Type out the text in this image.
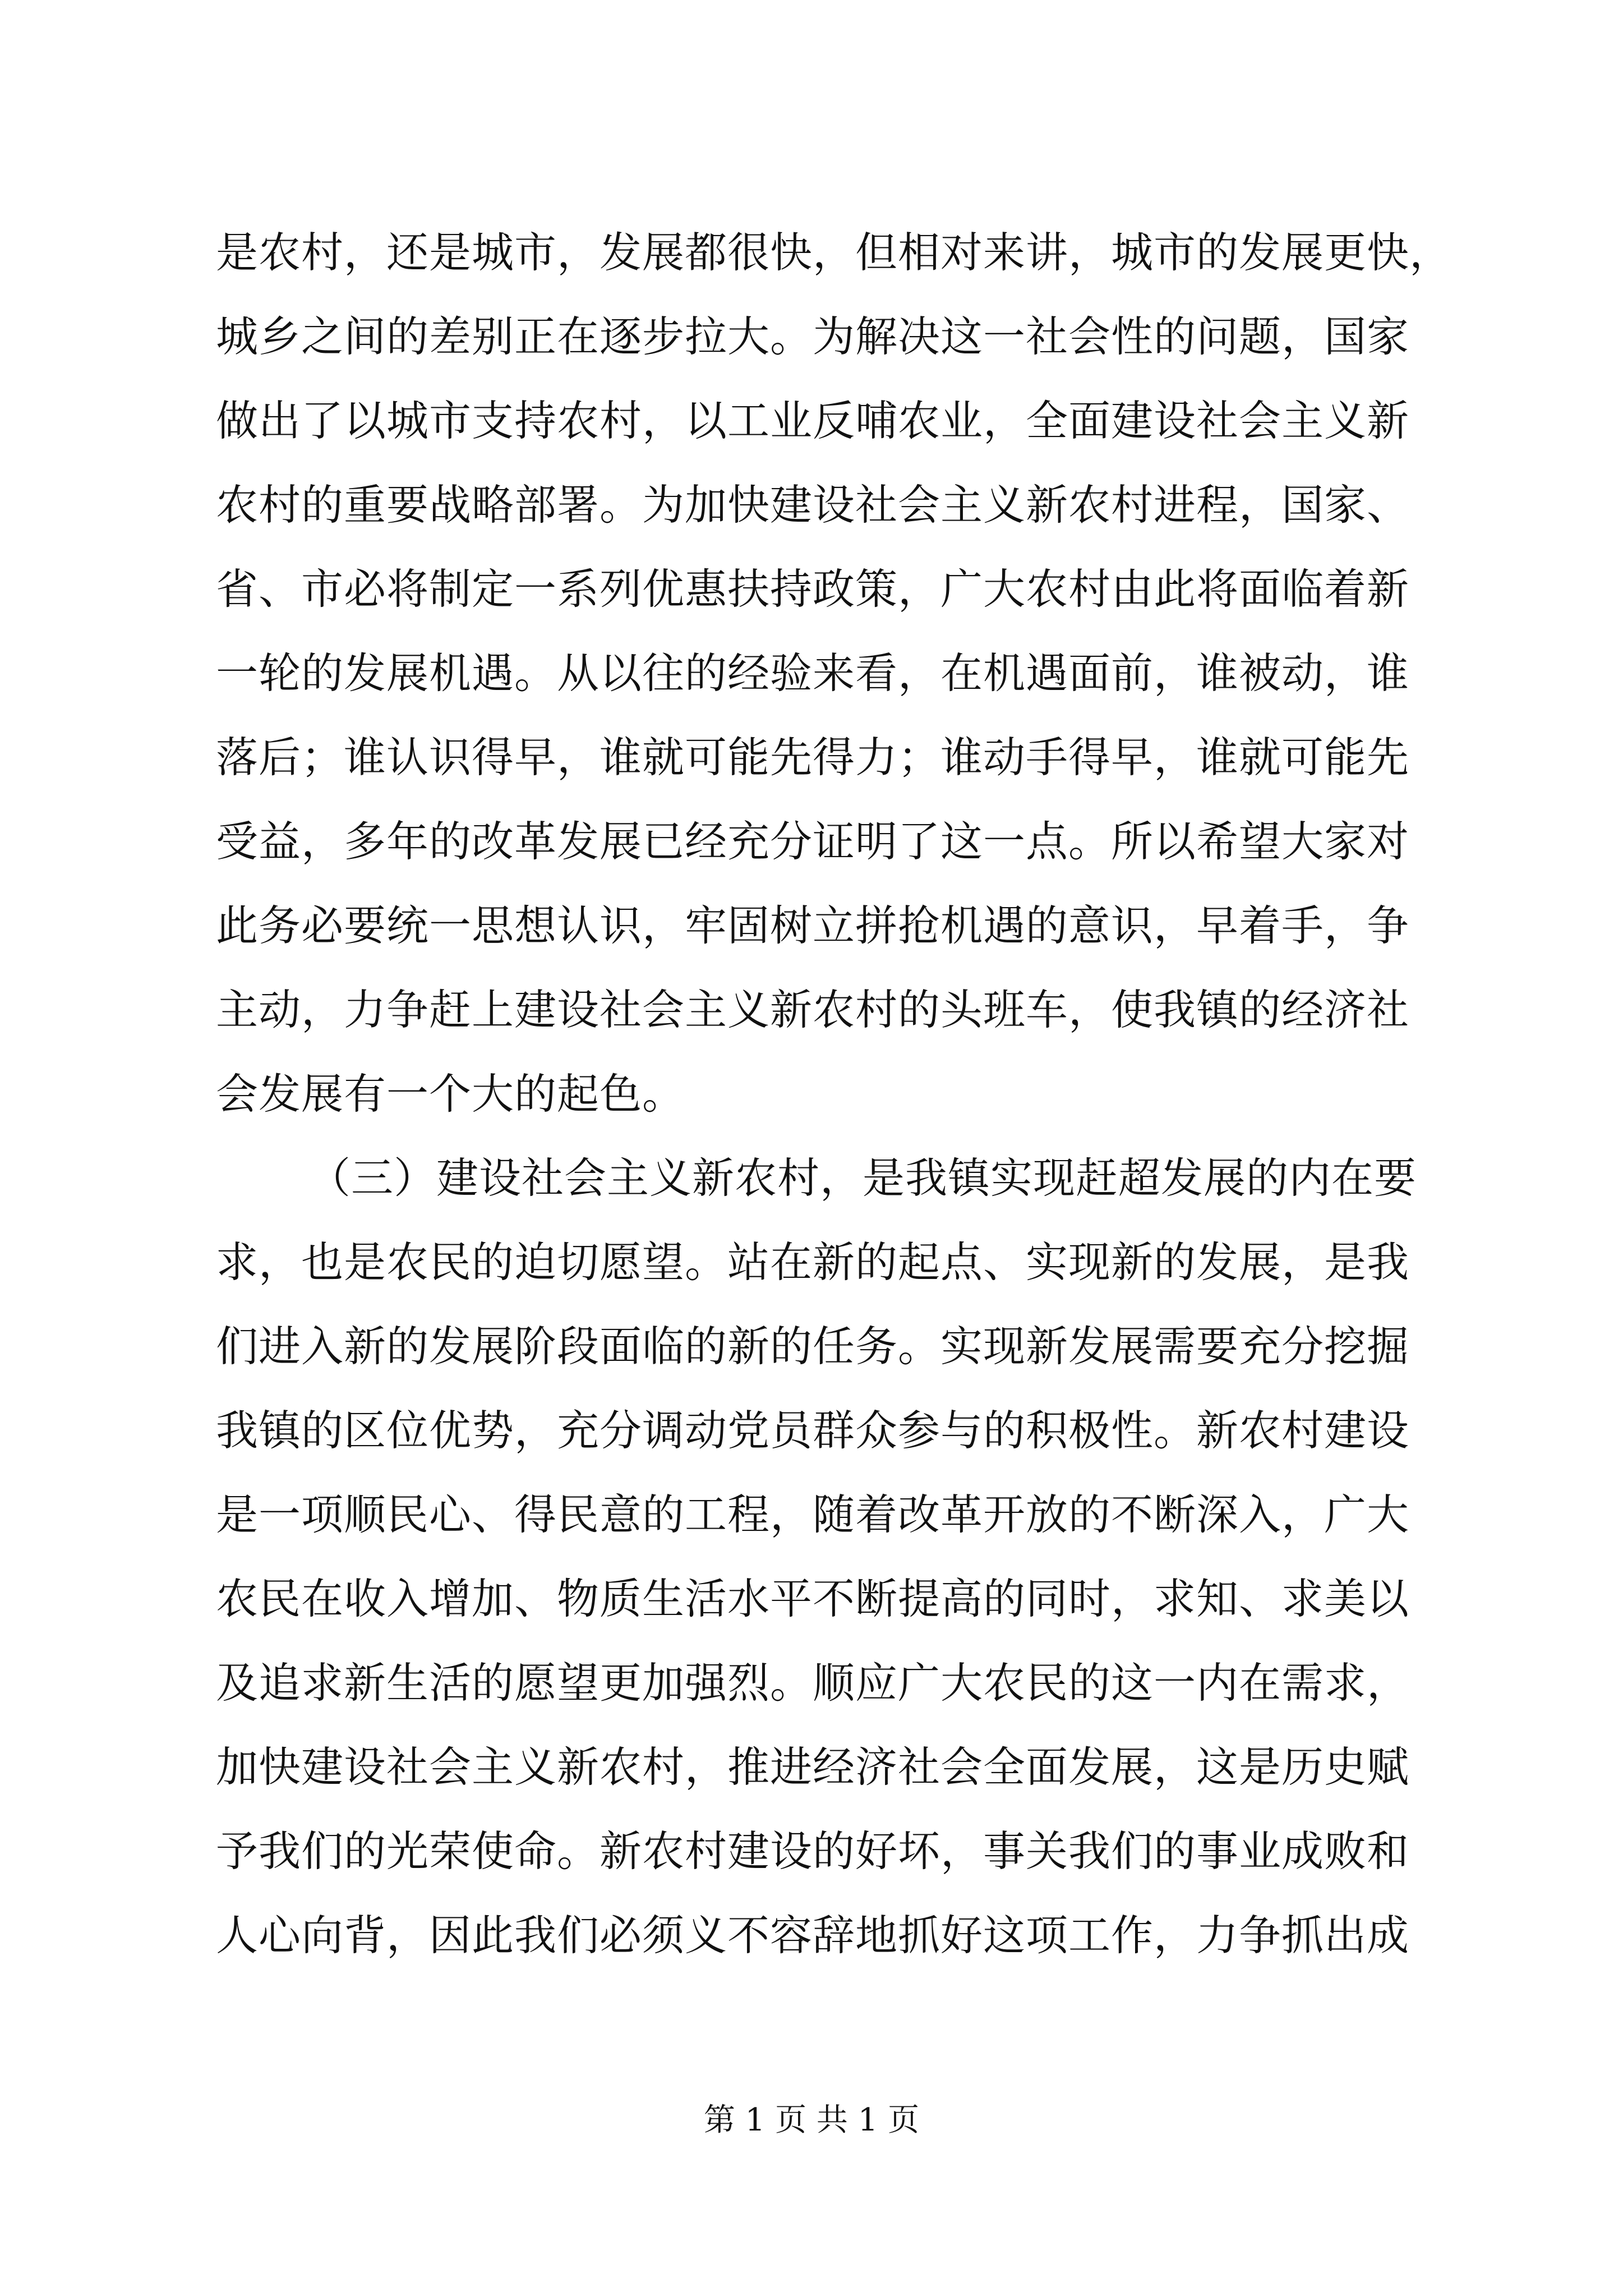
是农村，还是城市，发展都很快，但相对来讲，城市的发展更快，
城乡之间的差别正在逐步拉大。为解决这一社会性的问题，国家
做出了以城市支持农村，以工业反哺农业，全面建设社会主义新
农村的重要战略部署。为加快建设社会主义新农村进程，国家、
省、市必将制定一系列优惠扶持政策，广大农村由此将面临着新
一轮的发展机遇。从以往的经验来看，在机遇面前，谁被动，谁
落后；谁认识得早，谁就可能先得力；谁动手得早，谁就可能先
受益，多年的改革发展已经充分证明了这一点。所以希望大家对
此务必要统一思想认识，牢固树立拼抢机遇的意识，早着手，争
主动，力争赶上建设社会主义新农村的头班车，使我镇的经济社
会发展有一个大的起色。
（三）建设社会主义新农村，是我镇实现赶超发展的内在要
求，也是农民的迫切愿望。站在新的起点、实现新的发展，是我
们进入新的发展阶段面临的新的任务。实现新发展需要充分挖掘
我镇的区位优势，充分调动党员群众参与的积极性。新农村建设
是一项顺民心、得民意的工程，随着改革开放的不断深入，广大
农民在收入增加、物质生活水平不断提高的同时，求知、求美以
及追求新生活的愿望更加强烈。顺应广大农民的这一内在需求，
加快建设社会主义新农村，推进经济社会全面发展，这是历史赋
予我们的光荣使命。新农村建设的好坏，事关我们的事业成败和
人心向背，因此我们必须义不容辞地抓好这项工作，力争抓出成
第 1 页 共 1 页
